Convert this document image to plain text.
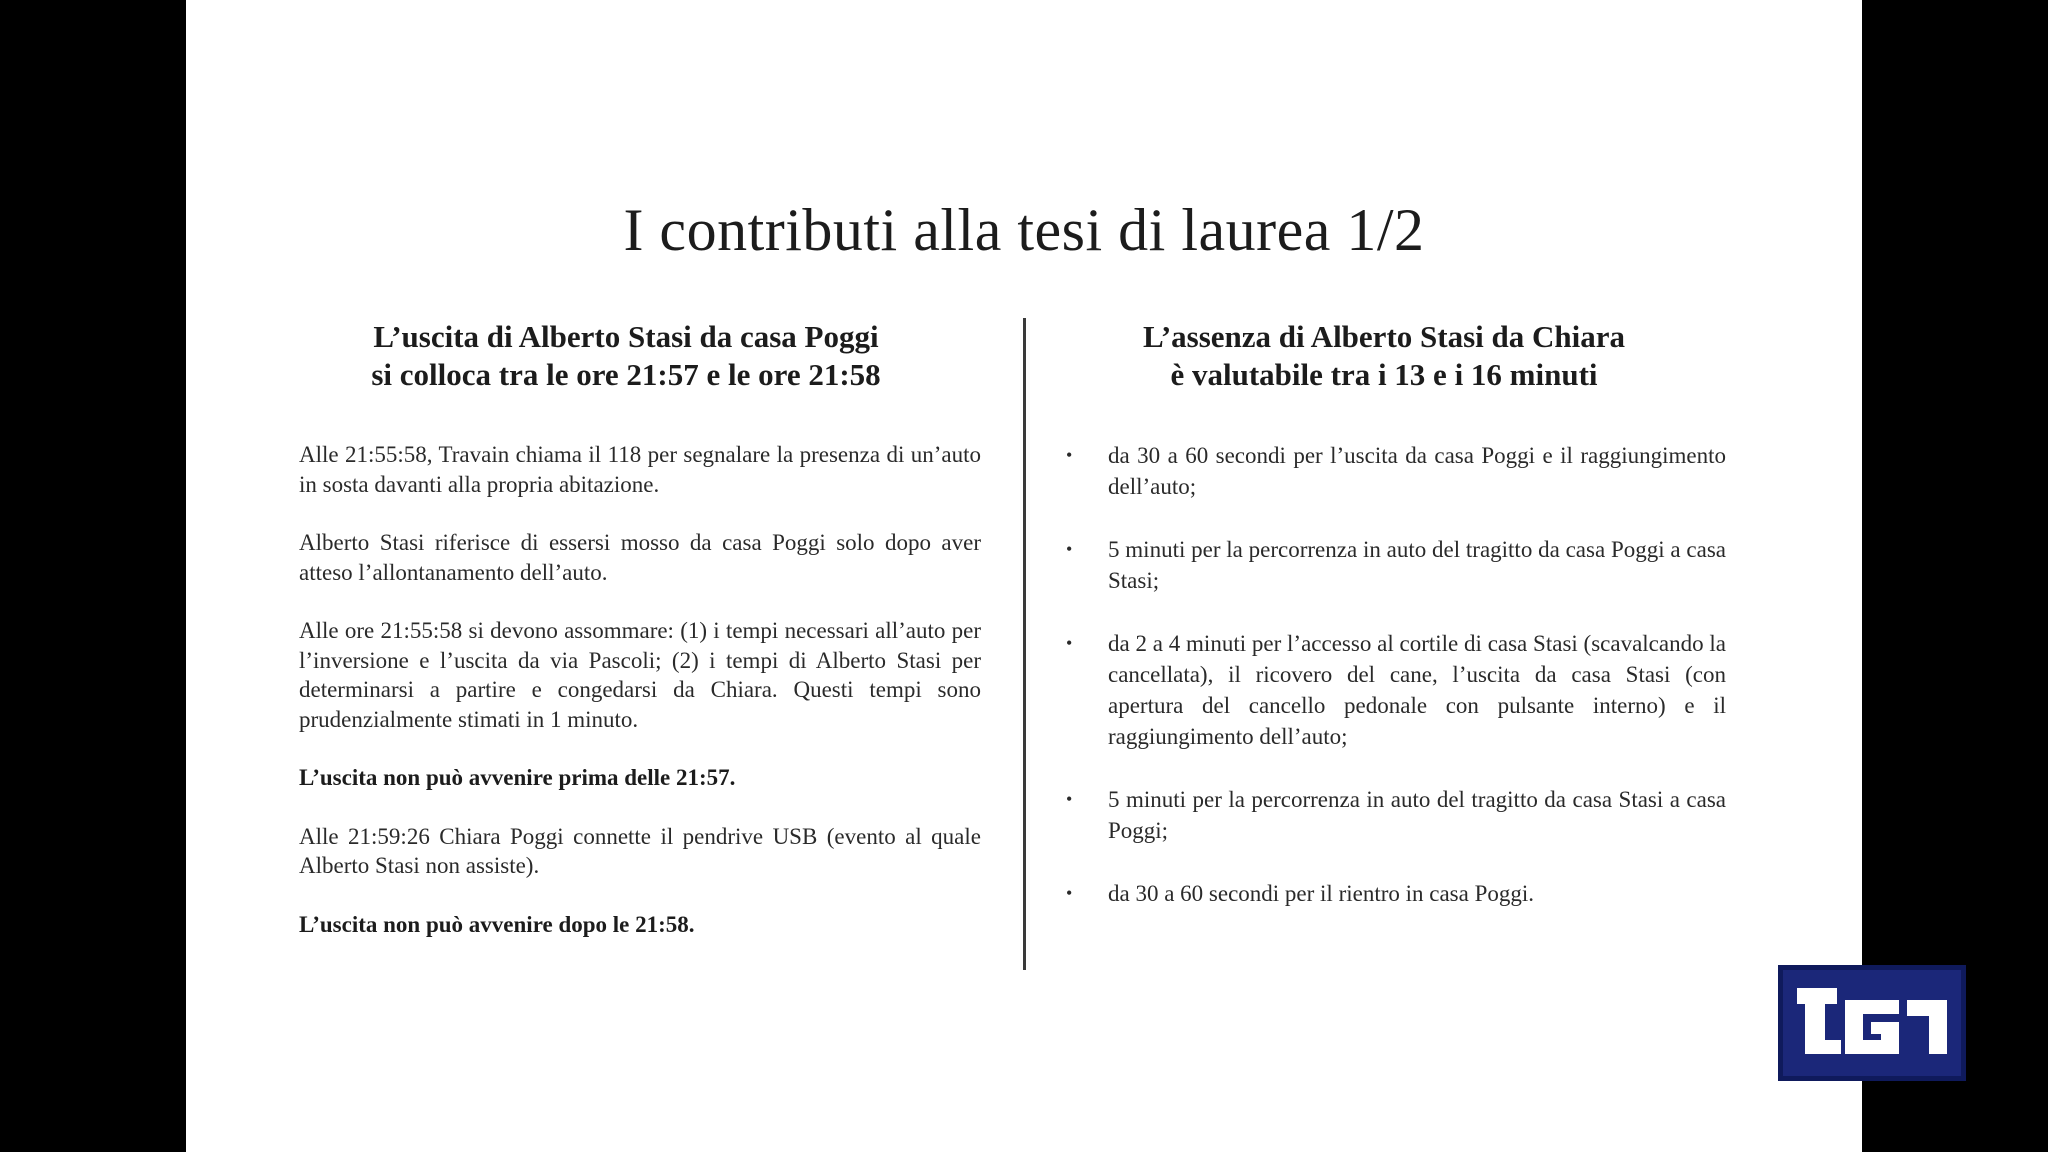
I contributi alla tesi di laurea 1/2
L’uscita di Alberto Stasi da casa Poggi
si colloca tra le ore 21:57 e le ore 21:58
L’assenza di Alberto Stasi da Chiara
è valutabile tra i 13 e i 16 minuti

Alle 21:55:58, Travain chiama il 118 per segnalare la presenza di un’auto in sosta davanti alla propria abitazione.

Alberto Stasi riferisce di essersi mosso da casa Poggi solo dopo aver atteso l’allontanamento dell’auto.

Alle ore 21:55:58 si devono assommare: (1) i tempi necessari all’auto per l’inversione e l’uscita da via Pascoli; (2) i tempi di Alberto Stasi per determinarsi a partire e congedarsi da Chiara. Questi tempi sono prudenzialmente stimati in 1 minuto.

L’uscita non può avvenire prima delle 21:57.

Alle 21:59:26 Chiara Poggi connette il pendrive USB (evento al quale Alberto Stasi non assiste).

L’uscita non può avvenire dopo le 21:58.

• da 30 a 60 secondi per l’uscita da casa Poggi e il raggiungimento dell’auto;
• 5 minuti per la percorrenza in auto del tragitto da casa Poggi a casa Stasi;
• da 2 a 4 minuti per l’accesso al cortile di casa Stasi (scavalcando la cancellata), il ricovero del cane, l’uscita da casa Stasi (con apertura del cancello pedonale con pulsante interno) e il raggiungimento dell’auto;
• 5 minuti per la percorrenza in auto del tragitto da casa Stasi a casa Poggi;
• da 30 a 60 secondi per il rientro in casa Poggi.
tg1
